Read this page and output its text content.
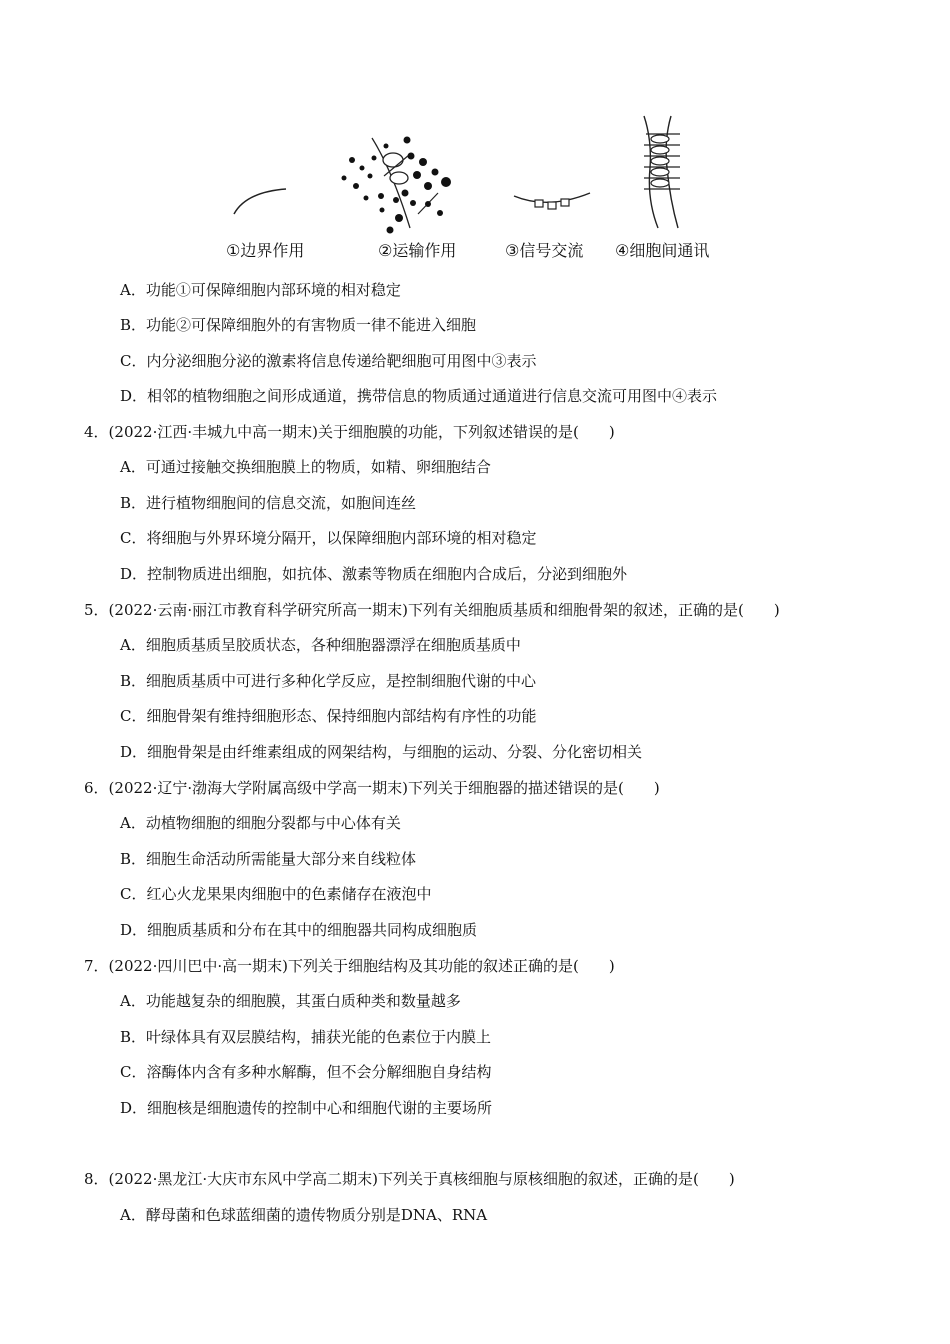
①边界作用	②运输作用	③信号交流 ④细胞间通讯
A．功能①可保障细胞内部环境的相对稳定
B．功能②可保障细胞外的有害物质一律不能进入细胞
C．内分泌细胞分泌的激素将信息传递给靶细胞可用图中③表示
D．相邻的植物细胞之间形成通道，携带信息的物质通过通道进行信息交流可用图中④表示
4．(2022·江西·丰城九中高一期末)关于细胞膜的功能，下列叙述错误的是(　　)
A．可通过接触交换细胞膜上的物质，如精、卵细胞结合
B．进行植物细胞间的信息交流，如胞间连丝
C．将细胞与外界环境分隔开，以保障细胞内部环境的相对稳定
D．控制物质进出细胞，如抗体、激素等物质在细胞内合成后，分泌到细胞外
5．(2022·云南·丽江市教育科学研究所高一期末)下列有关细胞质基质和细胞骨架的叙述，正确的是(　　)
A．细胞质基质呈胶质状态，各种细胞器漂浮在细胞质基质中
B．细胞质基质中可进行多种化学反应，是控制细胞代谢的中心
C．细胞骨架有维持细胞形态、保持细胞内部结构有序性的功能
D．细胞骨架是由纤维素组成的网架结构，与细胞的运动、分裂、分化密切相关
6．(2022·辽宁·渤海大学附属高级中学高一期末)下列关于细胞器的描述错误的是(　　)
A．动植物细胞的细胞分裂都与中心体有关
B．细胞生命活动所需能量大部分来自线粒体
C．红心火龙果果肉细胞中的色素储存在液泡中
D．细胞质基质和分布在其中的细胞器共同构成细胞质
7．(2022·四川巴中·高一期末)下列关于细胞结构及其功能的叙述正确的是(　　)
A．功能越复杂的细胞膜，其蛋白质种类和数量越多
B．叶绿体具有双层膜结构，捕获光能的色素位于内膜上
C．溶酶体内含有多种水解酶，但不会分解细胞自身结构
D．细胞核是细胞遗传的控制中心和细胞代谢的主要场所
8．(2022·黑龙江·大庆市东风中学高二期末)下列关于真核细胞与原核细胞的叙述，正确的是(　　)
A．酵母菌和色球蓝细菌的遗传物质分别是DNA、RNA
